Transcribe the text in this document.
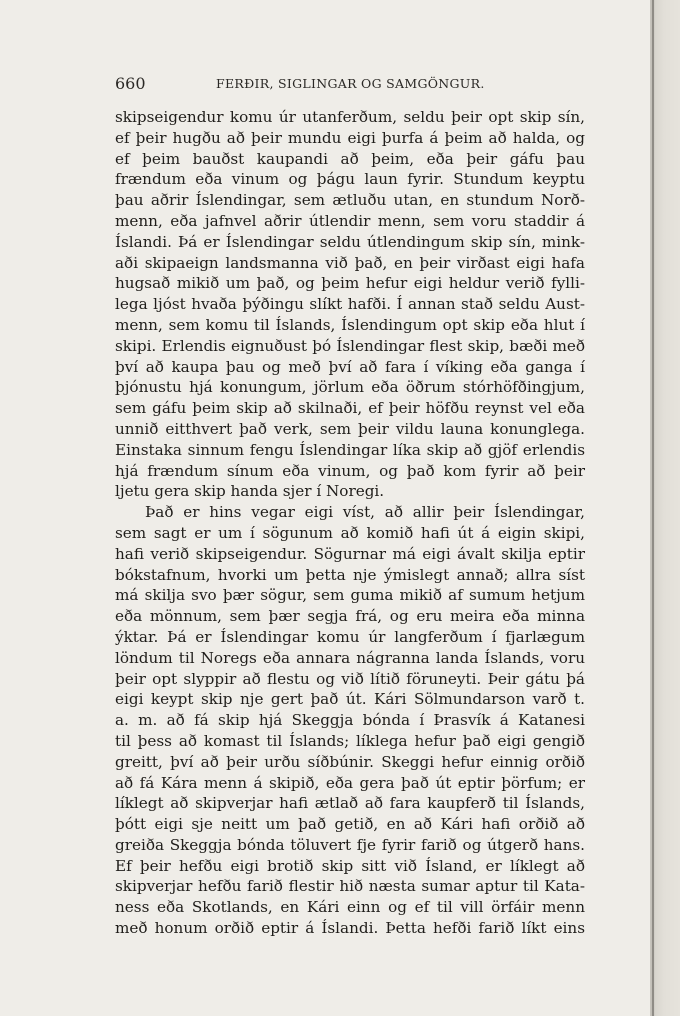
660	FERÐIR, SIGLINGAR OG SAMGÖNGUR.
skipseigendur komu úr utanferðum, seldu þeir opt skip sín,
ef þeir hugðu að þeir mundu eigi þurfa á þeim að halda, og
ef þeim bauðst kaupandi að þeim, eða þeir gáfu þau
frændum eða vinum og þágu laun fyrir. Stundum keyptu
þau aðrir Íslendingar, sem ætluðu utan, en stundum Norð-
menn, eða jafnvel aðrir útlendir menn, sem voru staddir á
Íslandi. Þá er Íslendingar seldu útlendingum skip sín, mink-
aði skipaeign landsmanna við það, en þeir virðast eigi hafa
hugsað mikið um það, og þeim hefur eigi heldur verið fylli-
lega ljóst hvaða þýðingu slíkt hafði. Í annan stað seldu Aust-
menn, sem komu til Íslands, Íslendingum opt skip eða hlut í
skipi. Erlendis eignuðust þó Íslendingar flest skip, bæði með
því að kaupa þau og með því að fara í víking eða ganga í
þjónustu hjá konungum, jörlum eða öðrum stórhöfðingjum,
sem gáfu þeim skip að skilnaði, ef þeir höfðu reynst vel eða
unnið eitthvert það verk, sem þeir vildu launa konunglega.
Einstaka sinnum fengu Íslendingar líka skip að gjöf erlendis
hjá frændum sínum eða vinum, og það kom fyrir að þeir
ljetu gera skip handa sjer í Noregi.
Það er hins vegar eigi víst, að allir þeir Íslendingar,
sem sagt er um í sögunum að komið hafi út á eigin skipi,
hafi verið skipseigendur. Sögurnar má eigi ávalt skilja eptir
bókstafnum, hvorki um þetta nje ýmislegt annað; allra síst
má skilja svo þær sögur, sem guma mikið af sumum hetjum
eða mönnum, sem þær segja frá, og eru meira eða minna
ýktar. Þá er Íslendingar komu úr langferðum í fjarlægum
löndum til Noregs eða annara nágranna landa Íslands, voru
þeir opt slyppir að flestu og við lítið föruneyti. Þeir gátu þá
eigi keypt skip nje gert það út. Kári Sölmundarson varð t.
a. m. að fá skip hjá Skeggja bónda í Þrasvík á Katanesi
til þess að komast til Íslands; líklega hefur það eigi gengið
greitt, því að þeir urðu síðbúnir. Skeggi hefur einnig orðið
að fá Kára menn á skipið, eða gera það út eptir þörfum; er
líklegt að skipverjar hafi ætlað að fara kaupferð til Íslands,
þótt eigi sje neitt um það getið, en að Kári hafi orðið að
greiða Skeggja bónda töluvert fje fyrir farið og útgerð hans.
Ef þeir hefðu eigi brotið skip sitt við Ísland, er líklegt að
skipverjar hefðu farið flestir hið næsta sumar aptur til Kata-
ness eða Skotlands, en Kári einn og ef til vill örfáir menn
með honum orðið eptir á Íslandi. Þetta hefði farið líkt eins
